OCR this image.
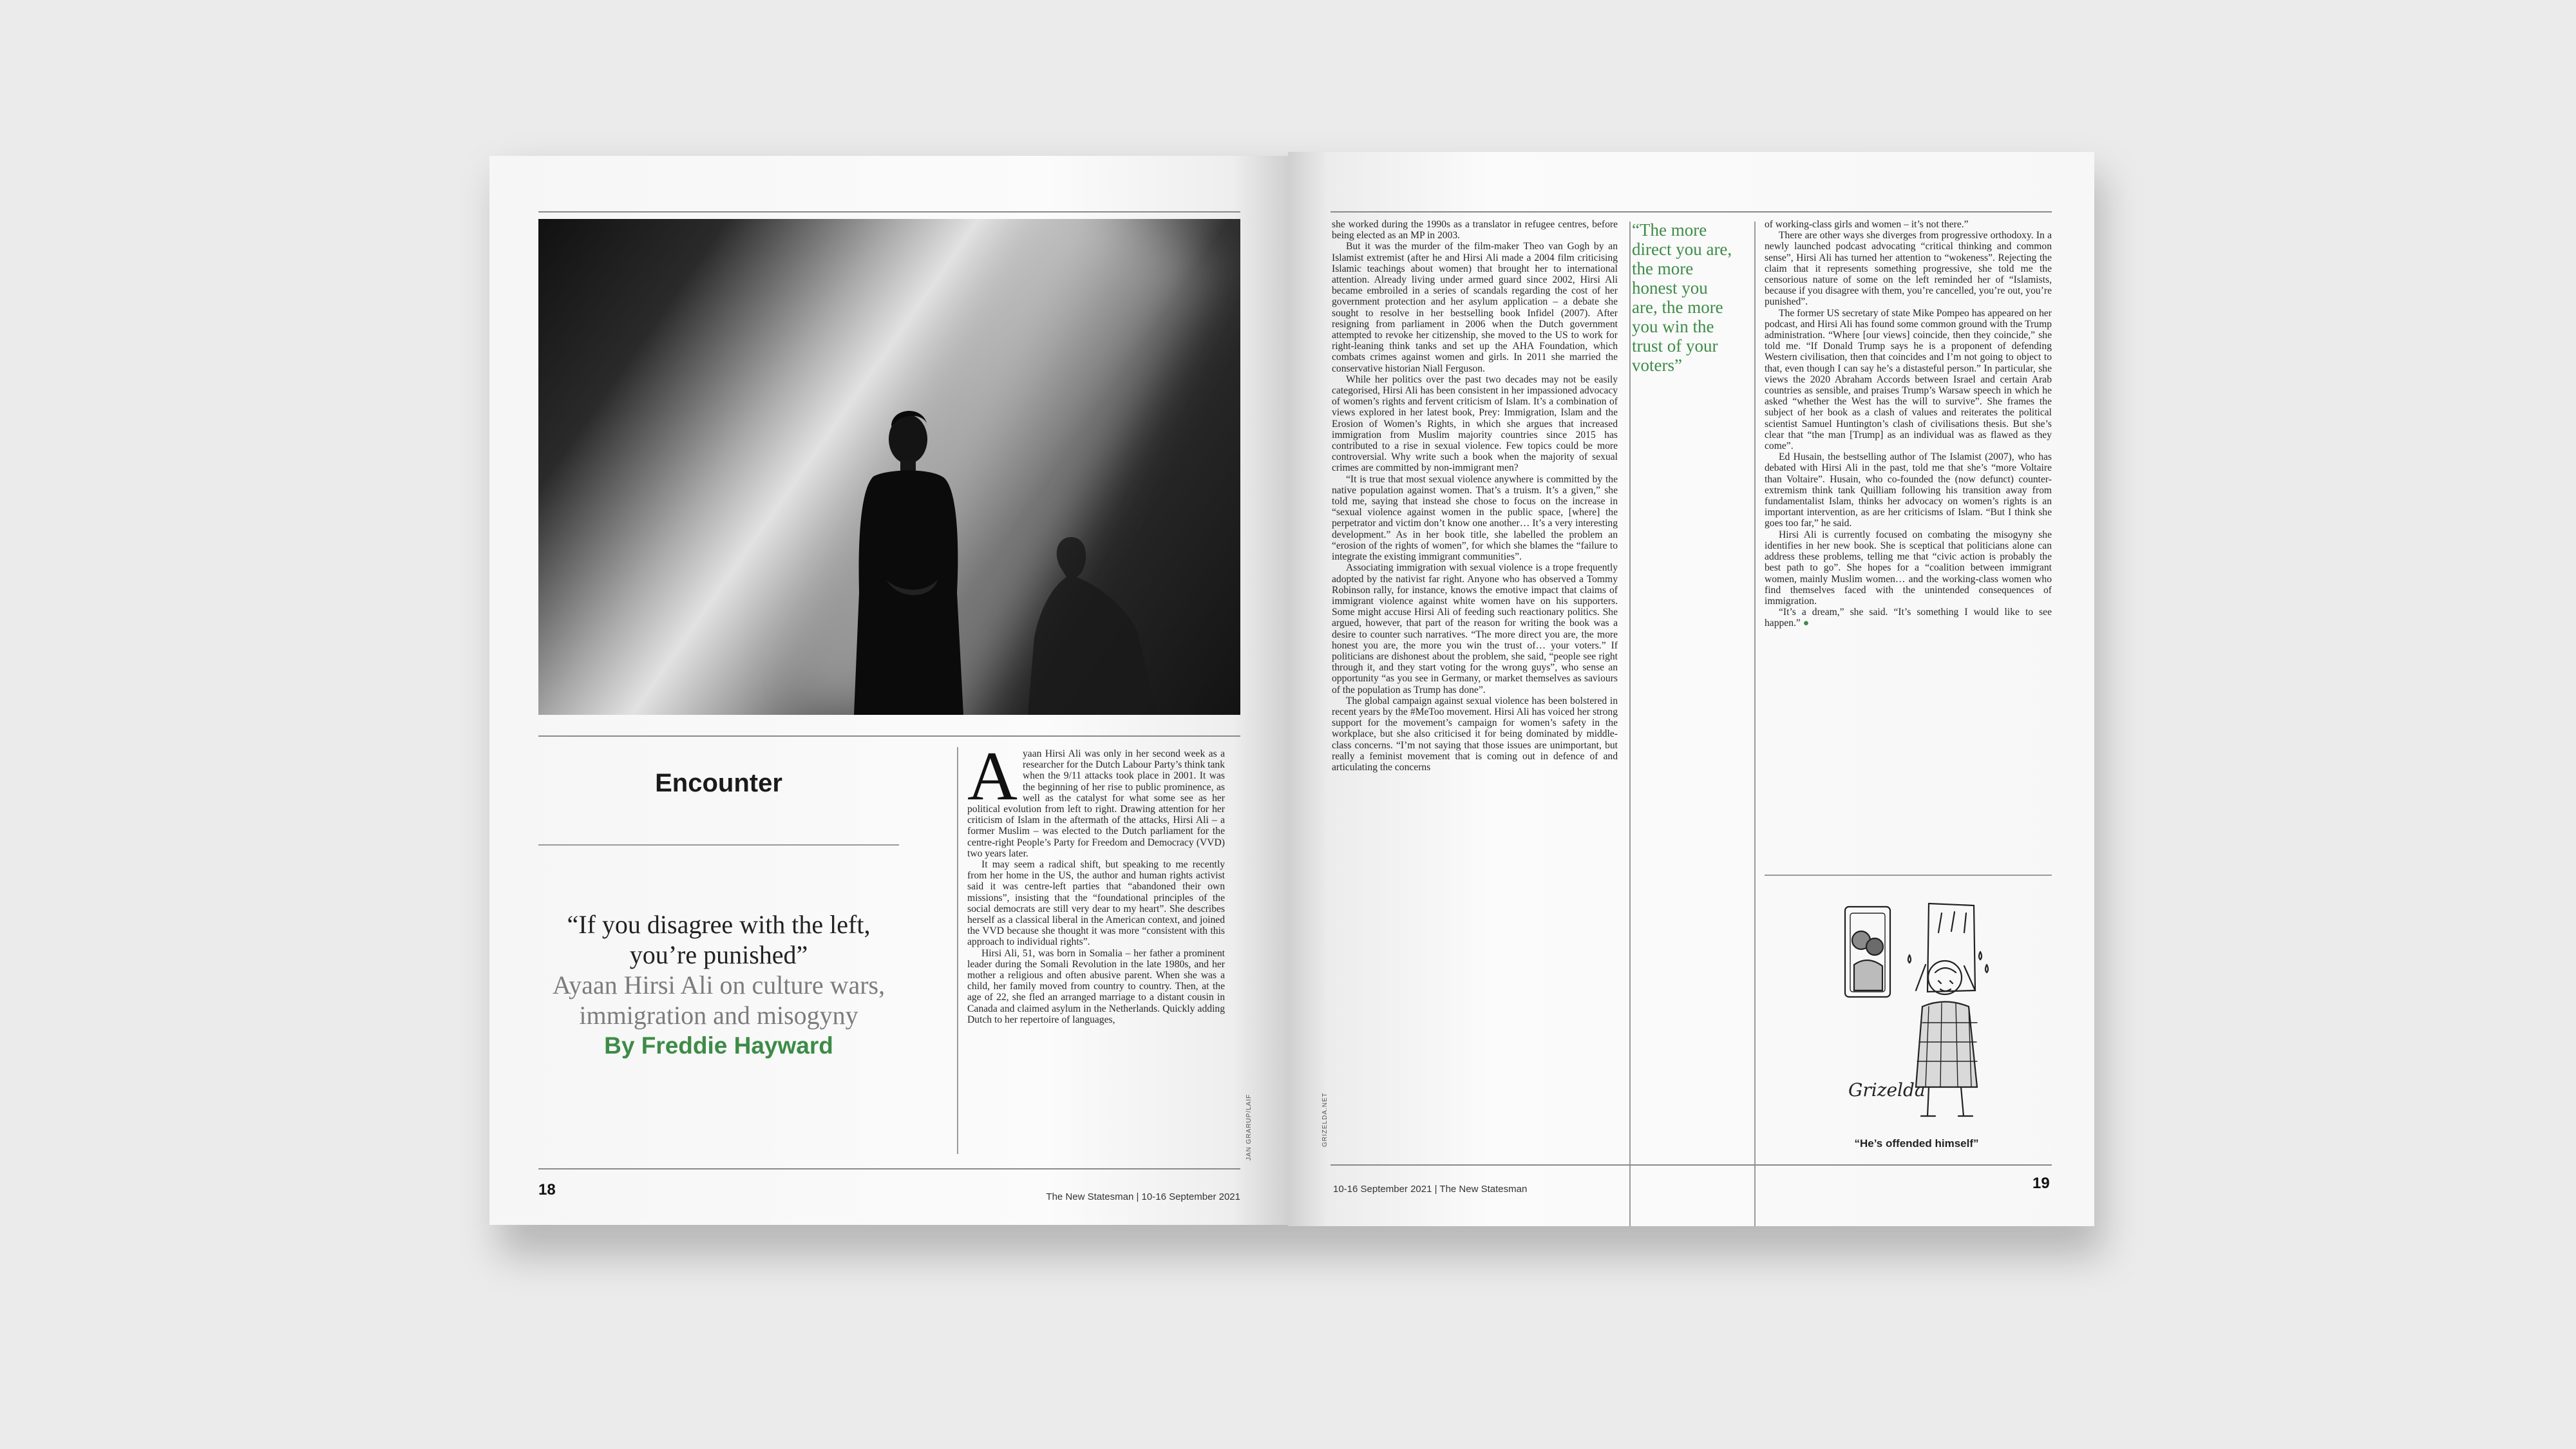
Encounter
“If you disagree with the left, you’re punished”
Ayaan Hirsi Ali on culture wars, immigration and misogyny
By Freddie Hayward
A yaan Hirsi Ali was only in her second week as a researcher for the Dutch Labour Party’s think tank when the 9/11 attacks took place in 2001. It was the beginning of her rise to public prominence, as well as the catalyst for what some see as her political evolution from left to right. Drawing attention for her criticism of Islam in the aftermath of the attacks, Hirsi Ali – a former Muslim – was elected to the Dutch parliament for the centre-right People’s Party for Freedom and Democracy (VVD) two years later.

It may seem a radical shift, but speaking to me recently from her home in the US, the author and human rights activist said it was centre-left parties that “abandoned their own missions”, insisting that the “foundational principles of the social democrats are still very dear to my heart”. She describes herself as a classical liberal in the American context, and joined the VVD because she thought it was more “consistent with this approach to individual rights”.

Hirsi Ali, 51, was born in Somalia – her father a prominent leader during the Somali Revolution in the late 1980s, and her mother a religious and often abusive parent. When she was a child, her family moved from country to country. Then, at the age of 22, she fled an arranged marriage to a distant cousin in Canada and claimed asylum in the Netherlands. Quickly adding Dutch to her repertoire of languages,

JAN GRARUP/LAIF
18	The New Statesman | 10-16 September 2021

she worked during the 1990s as a translator in refugee centres, before being elected as an MP in 2003.

But it was the murder of the film-maker Theo van Gogh by an Islamist extremist (after he and Hirsi Ali made a 2004 film criticising Islamic teachings about women) that brought her to international attention. Already living under armed guard since 2002, Hirsi Ali became embroiled in a series of scandals regarding the cost of her government protection and her asylum application – a debate she sought to resolve in her bestselling book Infidel (2007). After resigning from parliament in 2006 when the Dutch government attempted to revoke her citizenship, she moved to the US to work for right-leaning think tanks and set up the AHA Foundation, which combats crimes against women and girls. In 2011 she married the conservative historian Niall Ferguson.

While her politics over the past two decades may not be easily categorised, Hirsi Ali has been consistent in her impassioned advocacy of women’s rights and fervent criticism of Islam. It’s a combination of views explored in her latest book, Prey: Immigration, Islam and the Erosion of Women’s Rights, in which she argues that increased immigration from Muslim majority countries since 2015 has contributed to a rise in sexual violence. Few topics could be more controversial. Why write such a book when the majority of sexual crimes are committed by non-immigrant men?

“It is true that most sexual violence anywhere is committed by the native population against women. That’s a truism. It’s a given,” she told me, saying that instead she chose to focus on the increase in “sexual violence against women in the public space, [where] the perpetrator and victim don’t know one another… It’s a very interesting development.” As in her book title, she labelled the problem an “erosion of the rights of women”, for which she blames the “failure to integrate the existing immigrant communities”.

Associating immigration with sexual violence is a trope frequently adopted by the nativist far right. Anyone who has observed a Tommy Robinson rally, for instance, knows the emotive impact that claims of immigrant violence against white women have on his supporters. Some might accuse Hirsi Ali of feeding such reactionary politics. She argued, however, that part of the reason for writing the book was a desire to counter such narratives. “The more direct you are, the more honest you are, the more you win the trust of… your voters.” If politicians are dishonest about the problem, she said, “people see right through it, and they start voting for the wrong guys”, who sense an opportunity “as you see in Germany, or market themselves as saviours of the population as Trump has done”.

The global campaign against sexual violence has been bolstered in recent years by the #MeToo movement. Hirsi Ali has voiced her strong support for the movement’s campaign for women’s safety in the workplace, but she also criticised it for being dominated by middle-class concerns. “I’m not saying that those issues are unimportant, but really a feminist movement that is coming out in defence of and articulating the concerns

GRIZELDA.NET
“The more direct you are, the more honest you are, the more you win the trust of your voters”

of working-class girls and women – it’s not there.”

There are other ways she diverges from progressive orthodoxy. In a newly launched podcast advocating “critical thinking and common sense”, Hirsi Ali has turned her attention to “wokeness”. Rejecting the claim that it represents something progressive, she told me the censorious nature of some on the left reminded her of “Islamists, because if you disagree with them, you’re cancelled, you’re out, you’re punished”.

The former US secretary of state Mike Pompeo has appeared on her podcast, and Hirsi Ali has found some common ground with the Trump administration. “Where [our views] coincide, then they coincide,” she told me. “If Donald Trump says he is a proponent of defending Western civilisation, then that coincides and I’m not going to object to that, even though I can say he’s a distasteful person.” In particular, she views the 2020 Abraham Accords between Israel and certain Arab countries as sensible, and praises Trump’s Warsaw speech in which he asked “whether the West has the will to survive”. She frames the subject of her book as a clash of values and reiterates the political scientist Samuel Huntington’s clash of civilisations thesis. But she’s clear that “the man [Trump] as an individual was as flawed as they come”.

Ed Husain, the bestselling author of The Islamist (2007), who has debated with Hirsi Ali in the past, told me that she’s “more Voltaire than Voltaire”. Husain, who co-founded the (now defunct) counter-extremism think tank Quilliam following his transition away from fundamentalist Islam, thinks her advocacy on women’s rights is an important intervention, as are her criticisms of Islam. “But I think she goes too far,” he said.

Hirsi Ali is currently focused on combating the misogyny she identifies in her new book. She is sceptical that politicians alone can address these problems, telling me that “civic action is probably the best path to go”. She hopes for a “coalition between immigrant women, mainly Muslim women… and the working-class women who find themselves faced with the unintended consequences of immigration.

“It’s a dream,” she said. “It’s something I would like to see happen.” ●

Grizelda
“He’s offended himself”
10-16 September 2021 | The New Statesman	19
